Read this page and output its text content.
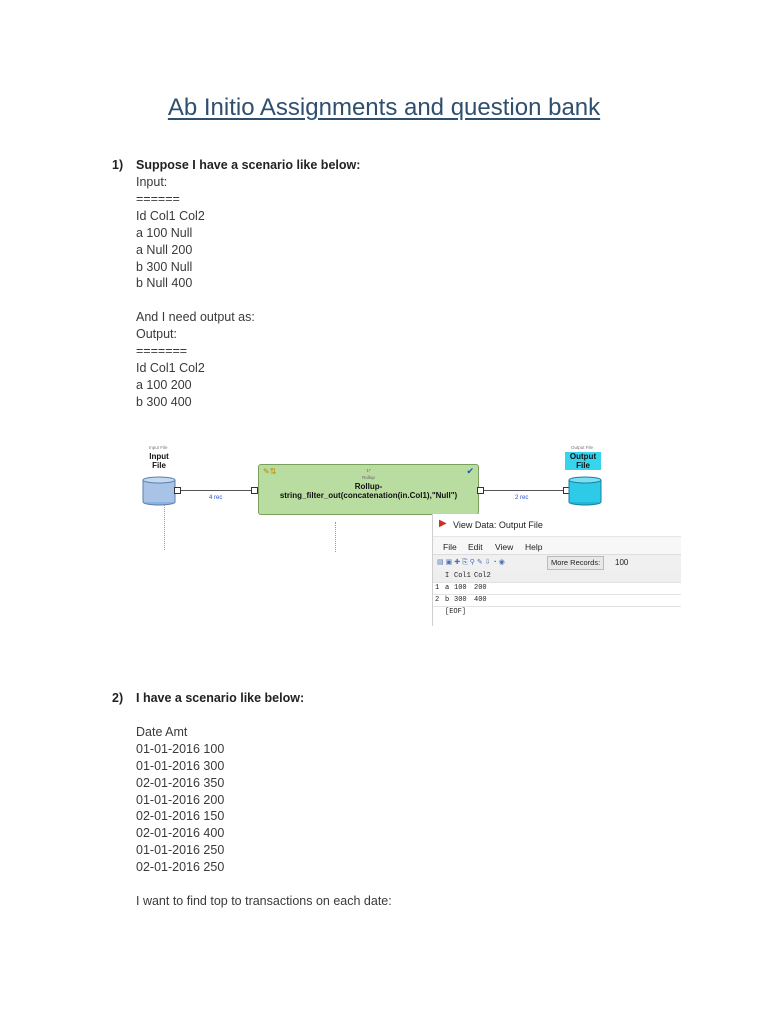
Ab Initio Assignments and question bank
1) Suppose I have a scenario like below:
Input:
======
Id Col1 Col2
a 100 Null
a Null 200
b 300 Null
b Null 400
And I need output as:
Output:
=======
Id Col1 Col2
a 100 200
b 300 400
Input File
Input
File
4 rec
✎⇅	✔
1*
Rollup
Rollup-
string_filter_out(concatenation(in.Col1),"Null")	2 rec
Output File
Output
File
▶ View Data: Output File
File Edit View Help
▤▣✚⎘⚲✎⇩◔◉	More Records:	100
I Col1 Col2
1 a 100 200
2 b 300 400
[EOF]
2) I have a scenario like below:
Date Amt
01-01-2016 100
01-01-2016 300
02-01-2016 350
01-01-2016 200
02-01-2016 150
02-01-2016 400
01-01-2016 250
02-01-2016 250
I want to find top to transactions on each date:
